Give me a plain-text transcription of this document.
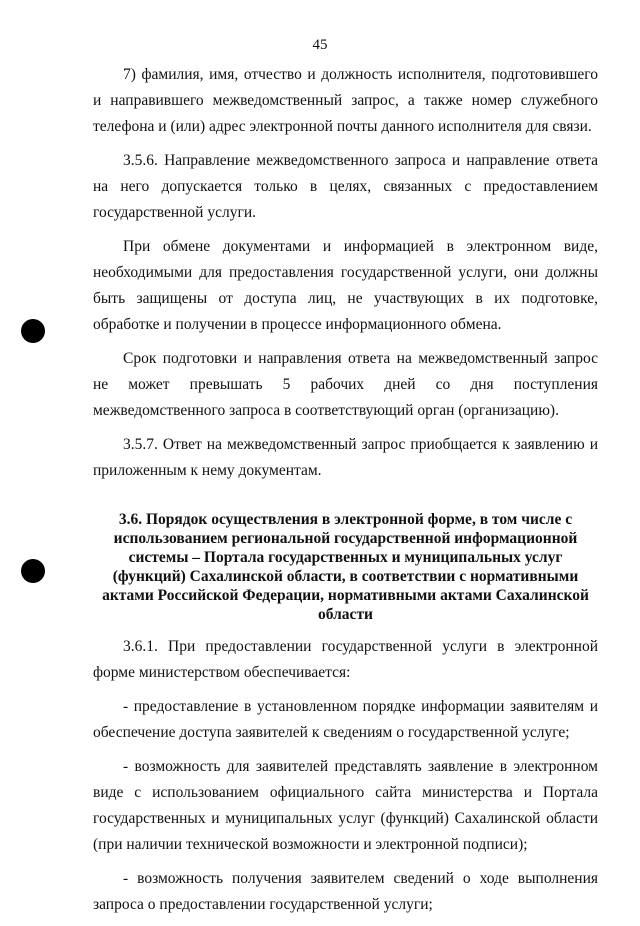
45

7) фамилия, имя, отчество и должность исполнителя, подготовившего и направившего межведомственный запрос, а также номер служебного телефона и (или) адрес электронной почты данного исполнителя для связи.

3.5.6. Направление межведомственного запроса и направление ответа на него допускается только в целях, связанных с предоставлением государственной услуги.

При обмене документами и информацией в электронном виде, необходимыми для предоставления государственной услуги, они должны быть защищены от доступа лиц, не участвующих в их подготовке, обработке и получении в процессе информационного обмена.

Срок подготовки и направления ответа на межведомственный запрос не может превышать 5 рабочих дней со дня поступления межведомственного запроса в соответствующий орган (организацию).

3.5.7. Ответ на межведомственный запрос приобщается к заявлению и приложенным к нему документам.

3.6. Порядок осуществления в электронной форме, в том числе с использованием региональной государственной информационной системы – Портала государственных и муниципальных услуг (функций) Сахалинской области, в соответствии с нормативными актами Российской Федерации, нормативными актами Сахалинской области

3.6.1. При предоставлении государственной услуги в электронной форме министерством обеспечивается:

- предоставление в установленном порядке информации заявителям и обеспечение доступа заявителей к сведениям о государственной услуге;

- возможность для заявителей представлять заявление в электронном виде с использованием официального сайта министерства и Портала государственных и муниципальных услуг (функций) Сахалинской области (при наличии технической возможности и электронной подписи);

- возможность получения заявителем сведений о ходе выполнения запроса о предоставлении государственной услуги;
